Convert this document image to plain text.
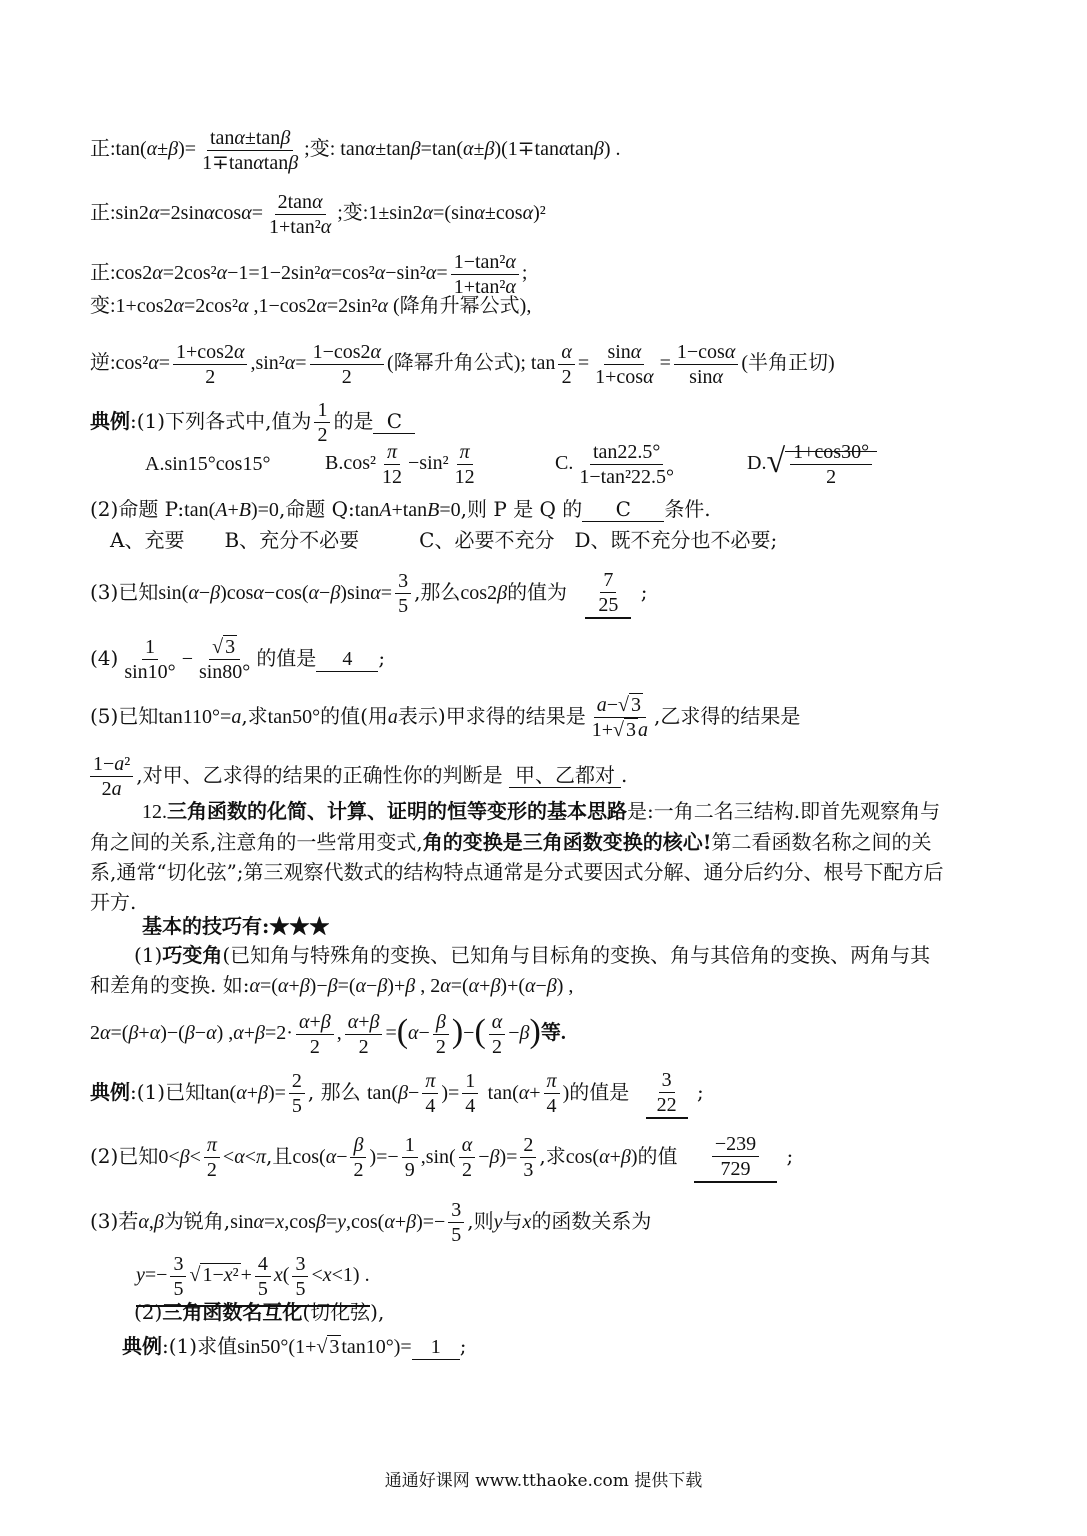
正:tan(α±β)= $\frac{\tan\alpha\pm\tan\beta}{1\mp\tan\alpha\tan\beta}$ ;变: tanα±tanβ=tan(α±β)(1∓tanαtanβ) .
正:sin2α=2sinαcosα= $\frac{2\tan\alpha}{\text{1+tan²α}}$ ;变:1±sin2α=(sinα±cosα)²
正:cos2α=2cos²α−1=1−2sin²α=cos²α−sin²α= $\frac{\text{1−tan²α}}{\text{1+tan²α}}$ ;
变:1+cos2α=2cos²α ,1−cos2α=2sin²α (降角升幂公式),
逆:cos²α= $\frac{1+\cos 2\alpha}{2} ,\sin^2\alpha= \frac{1-\cos 2\alpha}{2}$ (降幂升角公式); $\tan \frac{\alpha}{2} = \frac{\sin\alpha}{1+\cos\alpha} = \frac{1-\cos\alpha}{\sin\alpha}$ (半角正切)
典例:(1)下列各式中,值为 $\frac{1}{2}$ 的是 C
A.sin15°cos15°	$B.\cos^2 \frac{\pi}{12} -\sin^2 \frac{\pi}{12}$	C. $\frac{\tan 22.5^\circ}{\text{1−tan²22.5°}}$	$D.√ \frac{1+\cos 30^\circ}{2}$
(2)命题 P:tan(A+B)=0,命题 Q:tanA+tanB=0,则 P 是 Q 的 C 条件.
A、充要　　B、充分不必要　　　C、必要不充分　D、既不充分也不必要;
(3)已知$\sin(\alpha-\beta)\cos\alpha-\cos(\alpha-\beta)\sin\alpha= \frac{3}{5}$ ,那么cos2β的值为 $\frac{7}{25}$ ;
$(4) \frac{1}{\sin 10^\circ} - \frac{√ 3}{\sin 80^\circ}$ 的值是 4 ;
(5)已知tan110°=a,求tan50°的值(用a表示)甲求得的结果是 $\frac{a-√ 3}{1+√ 3 a}$ ,乙求得的结果是
$\frac{\text{1−a²}}{2a}$ ,对甲、乙求得的结果的正确性你的判断是 甲、乙都对 .
12.三角函数的化简、计算、证明的恒等变形的基本思路是:一角二名三结构.即首先观察角与角之间的关系,注意角的一些常用变式,角的变换是三角函数变换的核心!第二看函数名称之间的关系,通常“切化弦”;第三观察代数式的结构特点通常是分式要因式分解、通分后约分、根号下配方后开方.
基本的技巧有:★★★
(1)巧变角(已知角与特殊角的变换、已知角与目标角的变换、角与其倍角的变换、两角与其和差角的变换. 如:α=(α+β)−β=(α−β)+β , 2α=(α+β)+(α−β) ,
2α=(β+α)−(β−α) $,\alpha+\beta=2\cdot \frac{\alpha+\beta}{2}$ , $\frac{\alpha+\beta}{2} =(\alpha- \frac{\beta}{2}$ )−( $\frac{\alpha}{2} -\beta$)等.
典例:(1)已知$\tan(\alpha+\beta)= \frac{2}{5}$ , 那么 $\tan(\beta- \frac{\pi}{4}$ )= $\frac{1}{4} \tan(\alpha+ \frac{\pi}{4}$ )的值是 $\frac{3}{22}$ ;
(2)已知$0<\beta< \frac{\pi}{2} <\alpha<\pi$,且$\cos(\alpha- \frac{\beta}{2}$ )=− $\frac{1}{9} ,\sin( \frac{\alpha}{2} -\beta)= \frac{2}{3}$ ,求cos(α+β)的值 $\frac{-239}{729}$ ;
(3)若α,β为锐角$,\sin\alpha=x,\cos\beta=y,\cos(\alpha+\beta)=- \frac{3}{5}$ ,则y与x的函数关系为
$y=- \frac{3}{5}$ √ $1-x^2 + \frac{4}{5} x( \frac{3}{5} <x<1)$ .
(2)三角函数名互化(切化弦),
典例:(1)求值sin50°(1+√ 3 tan10°)= 1 ;
通通好课网 www.tthaoke.com 提供下载
